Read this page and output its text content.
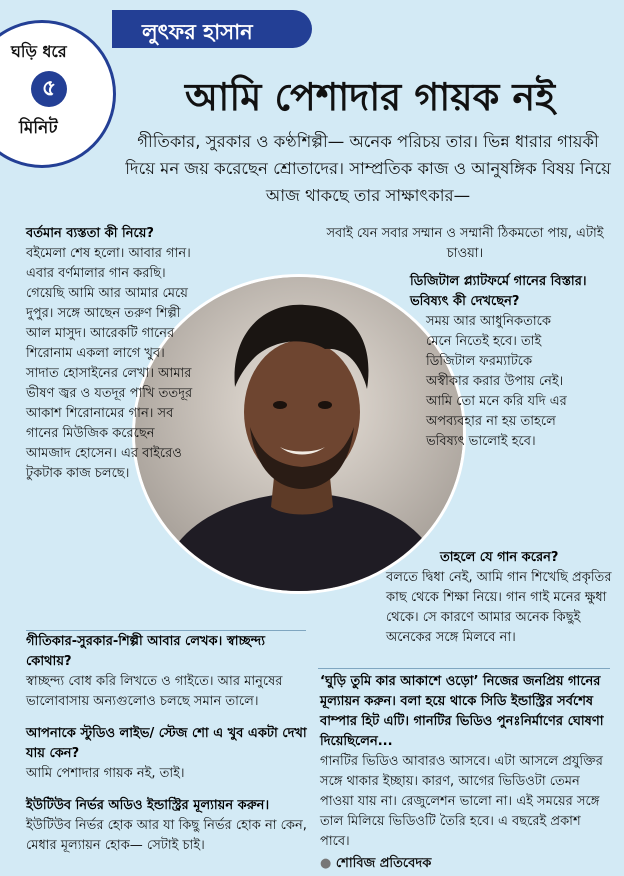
লুৎফর হাসান
ঘড়ি ধরে
৫
মিনিট
আমি পেশাদার গায়ক নই
গীতিকার, সুরকার ও কণ্ঠশিল্পী— অনেক পরিচয় তার। ভিন্ন ধারার গায়কী দিয়ে মন জয় করেছেন শ্রোতাদের। সাম্প্রতিক কাজ ও আনুষঙ্গিক বিষয় নিয়ে আজ থাকছে তার সাক্ষাৎকার—
বর্তমান ব্যস্ততা কী নিয়ে?
বইমেলা শেষ হলো। আবার গান। এবার বর্ণমালার গান করছি। গেয়েছি আমি আর আমার মেয়ে দুপুর। সঙ্গে আছেন তরুণ শিল্পী আল মাসুদ। আরেকটি গানের শিরোনাম একলা লাগে খুব। সাদাত হোসাইনের লেখা। আমার ভীষণ জ্বর ও যতদূর পাখি ততদূর আকাশ শিরোনামের গান। সব গানের মিউজিক করেছেন আমজাদ হোসেন। এর বাইরেও টুকটাক কাজ চলছে।
গীতিকার-সুরকার-শিল্পী আবার লেখক। স্বাচ্ছন্দ্য কোথায়?
স্বাচ্ছন্দ্য বোধ করি লিখতে ও গাইতে। আর মানুষের ভালোবাসায় অন্যগুলোও চলছে সমান তালে।
আপনাকে স্টুডিও লাইভ/ স্টেজ শো এ খুব একটা দেখা যায় কেন?
আমি পেশাদার গায়ক নই, তাই।
ইউটিউব নির্ভর অডিও ইন্ডাস্ট্রির মূল্যায়ন করুন।
ইউটিউব নির্ভর হোক আর যা কিছু নির্ভর হোক না কেন, মেধার মূল্যায়ন হোক— সেটাই চাই।
সবাই যেন সবার সম্মান ও সম্মানী ঠিকমতো পায়, এটাই চাওয়া।
ডিজিটাল প্ল্যাটফর্মে গানের বিস্তার। ভবিষ্যৎ কী দেখছেন?
সময় আর আধুনিকতাকে মেনে নিতেই হবে। তাই ডিজিটাল ফরম্যাটকে অস্বীকার করার উপায় নেই। আমি তো মনে করি যদি এর অপব্যবহার না হয় তাহলে ভবিষ্যৎ ভালোই হবে।
তাহলে যে গান করেন?
বলতে দ্বিধা নেই, আমি গান শিখেছি প্রকৃতির কাছ থেকে শিক্ষা নিয়ে। গান গাই মনের ক্ষুধা থেকে। সে কারণে আমার অনেক কিছুই অনেকের সঙ্গে মিলবে না।
‘ঘুড়ি তুমি কার আকাশে ওড়ো’ নিজের জনপ্রিয় গানের মূল্যায়ন করুন। বলা হয়ে থাকে সিডি ইন্ডাস্ট্রির সর্বশেষ বাম্পার হিট এটি। গানটির ভিডিও পুনঃনির্মাণের ঘোষণা দিয়েছিলেন...
গানটির ভিডিও আবারও আসবে। এটা আসলে প্রযুক্তির সঙ্গে থাকার ইচ্ছায়। কারণ, আগের ভিডিওটা তেমন পাওয়া যায় না। রেজুলেশন ভালো না। এই সময়ের সঙ্গে তাল মিলিয়ে ভিডিওটি তৈরি হবে। এ বছরেই প্রকাশ পাবে।
● শোবিজ প্রতিবেদক
